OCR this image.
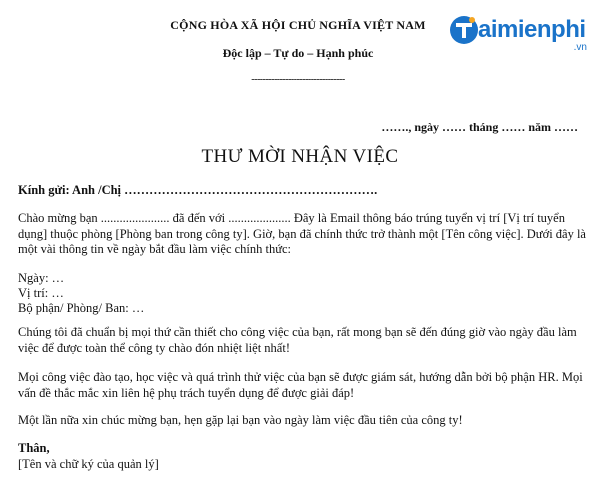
aimienphi
.vn
CỘNG HÒA XÃ HỘI CHỦ NGHĨA VIỆT NAM
Độc lập – Tự do – Hạnh phúc
---------------------------------
……., ngày …… tháng …… năm ……
THƯ MỜI NHẬN VIỆC
Kính gửi: Anh /Chị …………………………………………………….
Chào mừng bạn ...................... đã đến với .................... Đây là Email thông báo trúng tuyển vị trí [Vị trí tuyển dụng] thuộc phòng [Phòng ban trong công ty]. Giờ, bạn đã chính thức trở thành một [Tên công việc]. Dưới đây là một vài thông tin về ngày bắt đầu làm việc chính thức:
Ngày: …
Vị trí: …
Bộ phận/ Phòng/ Ban: …
Chúng tôi đã chuẩn bị mọi thứ cần thiết cho công việc của bạn, rất mong bạn sẽ đến đúng giờ vào ngày đầu làm việc để được toàn thể công ty chào đón nhiệt liệt nhất!
Mọi công việc đào tạo, học việc và quá trình thử việc của bạn sẽ được giám sát, hướng dẫn bởi bộ phận HR. Mọi vấn đề thắc mắc xin liên hệ phụ trách tuyển dụng để được giải đáp!
Một lần nữa xin chúc mừng bạn, hẹn gặp lại bạn vào ngày làm việc đầu tiên của công ty!
Thân,
[Tên và chữ ký của quản lý]
